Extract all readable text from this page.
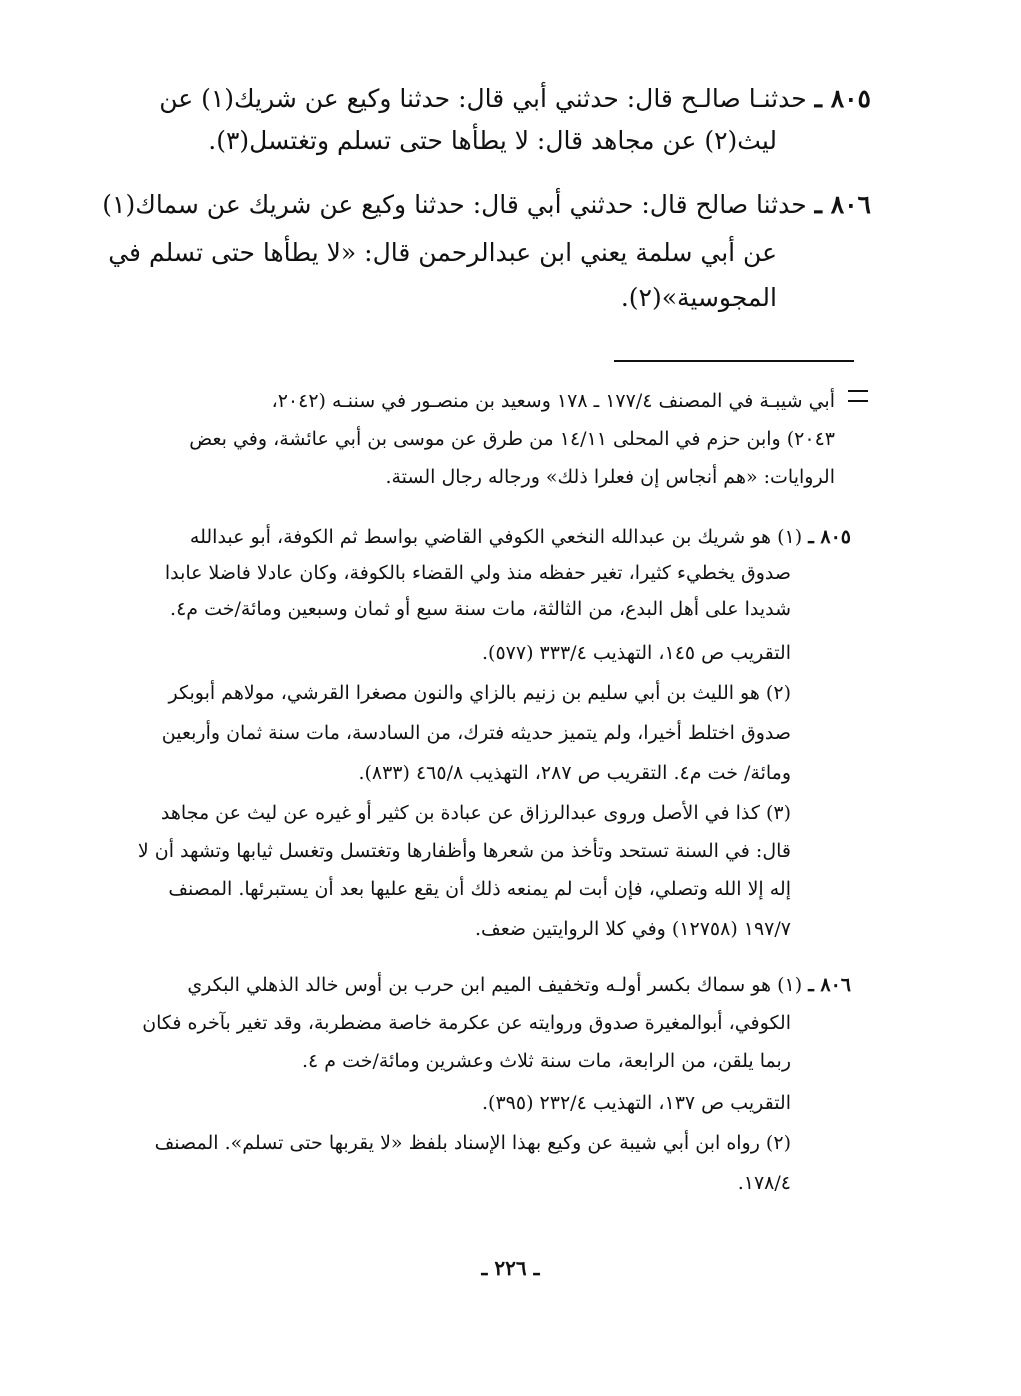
٨٠٥ ـ حدثنـا صالـح قال: حدثني أبي قال: حدثنا وكيع عن شريك(١) عن
ليث(٢) عن مجاهد قال: لا يطأها حتى تسلم وتغتسل(٣).
٨٠٦ ـ حدثنا صالح قال: حدثني أبي قال: حدثنا وكيع عن شريك عن سماك(١)
عن أبي سلمة يعني ابن عبدالرحمن قال: «لا يطأها حتى تسلم في
المجوسية»(٢).
أبي شيبـة في المصنف ١٧٧/٤ ـ ١٧٨ وسعيد بن منصـور في سننـه (٢٠٤٢،
٢٠٤٣) وابن حزم في المحلى ١٤/١١ من طرق عن موسى بن أبي عائشة، وفي بعض
الروايات: «هم أنجاس إن فعلرا ذلك» ورجاله رجال الستة.
٨٠٥ ـ (١) هو شريك بن عبدالله النخعي الكوفي القاضي بواسط ثم الكوفة، أبو عبدالله
صدوق يخطيء كثيرا، تغير حفظه منذ ولي القضاء بالكوفة، وكان عادلا فاضلا عابدا
شديدا على أهل البدع، من الثالثة، مات سنة سبع أو ثمان وسبعين ومائة/خت م٤.
التقريب ص ١٤٥، التهذيب ٣٣٣/٤ (٥٧٧).
(٢) هو الليث بن أبي سليم بن زنيم بالزاي والنون مصغرا القرشي، مولاهم أبوبكر
صدوق اختلط أخيرا، ولم يتميز حديثه فترك، من السادسة، مات سنة ثمان وأربعين
ومائة/ خت م٤. التقريب ص ٢٨٧، التهذيب ٤٦٥/٨ (٨٣٣).
(٣) كذا في الأصل وروى عبدالرزاق عن عبادة بن كثير أو غيره عن ليث عن مجاهد
قال: في السنة تستحد وتأخذ من شعرها وأظفارها وتغتسل وتغسل ثيابها وتشهد أن لا
إله إلا الله وتصلي، فإن أبت لم يمنعه ذلك أن يقع عليها بعد أن يستبرئها. المصنف
١٩٧/٧ (١٢٧٥٨) وفي كلا الروايتين ضعف.
٨٠٦ ـ (١) هو سماك بكسر أولـه وتخفيف الميم ابن حرب بن أوس خالد الذهلي البكري
الكوفي، أبوالمغيرة صدوق وروايته عن عكرمة خاصة مضطربة، وقد تغير بآخره فكان
ربما يلقن، من الرابعة، مات سنة ثلاث وعشرين ومائة/خت م ٤.
التقريب ص ١٣٧، التهذيب ٢٣٢/٤ (٣٩٥).
(٢) رواه ابن أبي شيبة عن وكيع بهذا الإسناد بلفظ «لا يقربها حتى تسلم». المصنف
١٧٨/٤.
ـ ٢٢٦ ـ
